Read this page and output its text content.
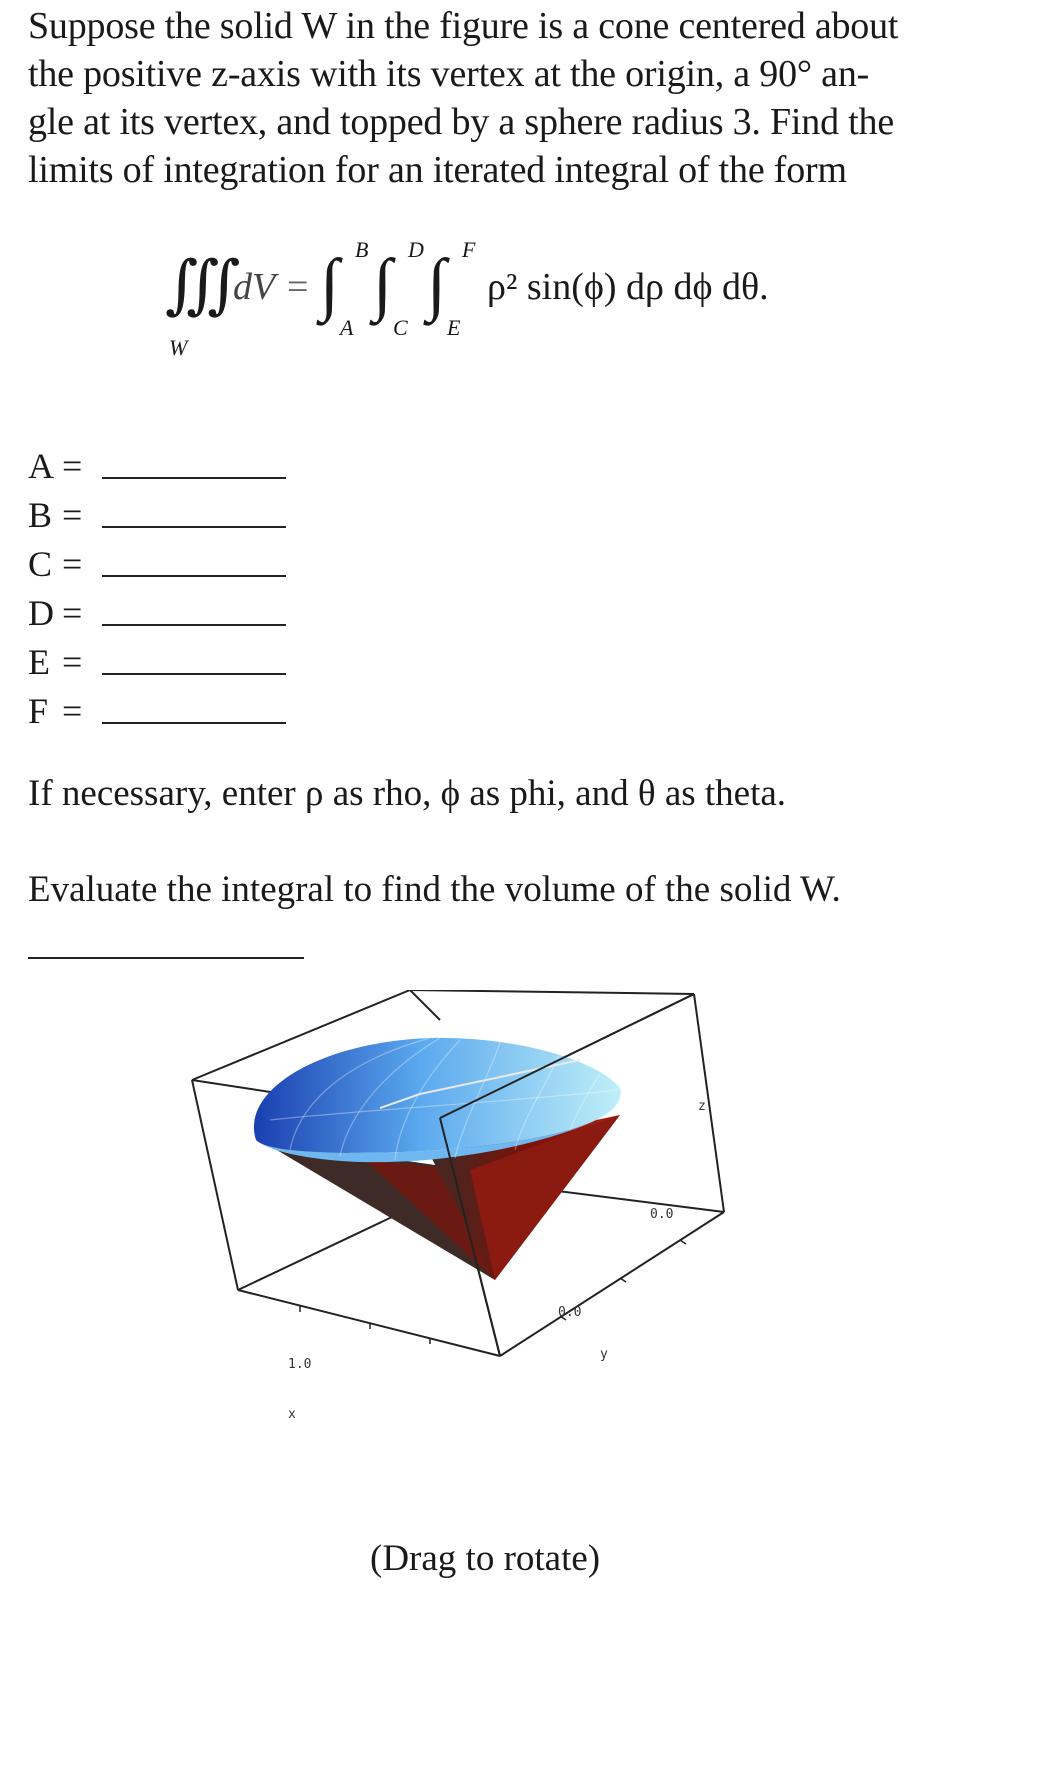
Suppose the solid W in the figure is a cone centered about

the positive z-axis with its vertex at the origin, a 90° an-

gle at its vertex, and topped by a sphere radius 3. Find the

limits of integration for an iterated integral of the form

∭
W
dV = ∫ B
A
∫ D
C
∫ F
E
ρ² sin(ϕ) dρ dϕ dθ.
A =
B =
C =
D =
E =
F =
If necessary, enter ρ as rho, ϕ as phi, and θ as theta.
Evaluate the integral to find the volume of the solid W.
1.0
x
0.0
y
0.0
z
(Drag to rotate)
